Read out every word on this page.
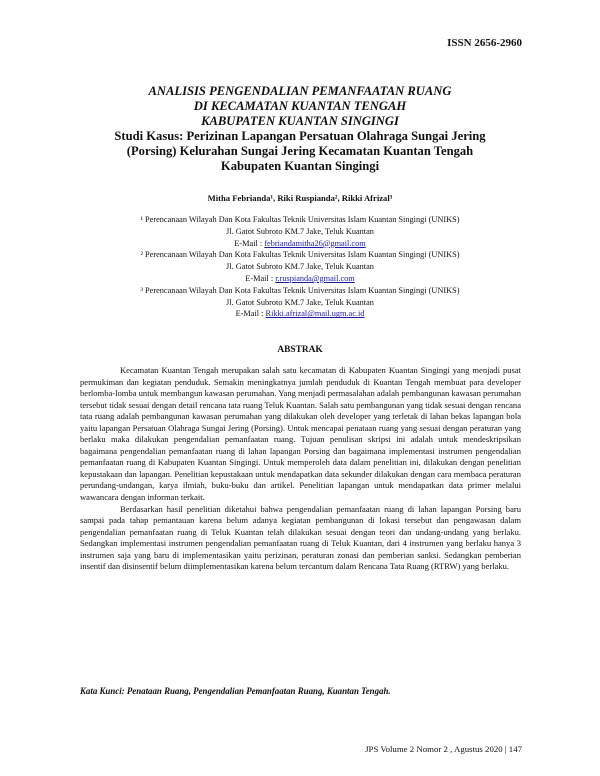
ISSN 2656-2960
ANALISIS PENGENDALIAN PEMANFAATAN RUANG
DI KECAMATAN KUANTAN TENGAH
KABUPATEN KUANTAN SINGINGI
Studi Kasus: Perizinan Lapangan Persatuan Olahraga Sungai Jering
(Porsing) Kelurahan Sungai Jering Kecamatan Kuantan Tengah
Kabupaten Kuantan Singingi
Mitha Febrianda¹, Riki Ruspianda², Rikki Afrizal³
¹ Perencanaan Wilayah Dan Kota Fakultas Teknik Universitas Islam Kuantan Singingi (UNIKS)
Jl. Gatot Subroto KM.7 Jake, Teluk Kuantan
E-Mail : febriandamitha26@gmail.com
² Perencanaan Wilayah Dan Kota Fakultas Teknik Universitas Islam Kuantan Singingi (UNIKS)
Jl. Gatot Subroto KM.7 Jake, Teluk Kuantan
E-Mail : r.ruspianda@gmail.com
³ Perencanaan Wilayah Dan Kota Fakultas Teknik Universitas Islam Kuantan Singingi (UNIKS)
Jl. Gatot Subroto KM.7 Jake, Teluk Kuantan
E-Mail : Rikki.afrizal@mail.ugm.ac.id
ABSTRAK

Kecamatan Kuantan Tengah merupakan salah satu kecamatan di Kabupaten Kuantan Singingi yang menjadi pusat permukiman dan kegiatan penduduk. Semakin meningkatnya jumlah penduduk di Kuantan Tengah membuat para developer berlomba-lomba untuk membangun kawasan perumahan. Yang menjadi permasalahan adalah pembangunan kawasan perumahan tersebut tidak sesuai dengan detail rencana tata ruang Teluk Kuantan. Salah satu pembangunan yang tidak sesuai dengan rencana tata ruang adalah pembangunan kawasan perumahan yang dilakukan oleh developer yang terletak di lahan bekas lapangan bola yaitu lapangan Persatuan Olahraga Sungai Jering (Porsing). Untuk mencapai penataan ruang yang sesuai dengan peraturan yang berlaku maka dilakukan pengendalian pemanfaatan ruang. Tujuan penulisan skripsi ini adalah untuk mendeskripsikan bagaimana pengendalian pemanfaatan ruang di lahan lapangan Porsing dan bagaimana implementasi instrumen pengendalian pemanfaatan ruang di Kabupaten Kuantan Singingi. Untuk memperoleh data dalam penelitian ini, dilakukan dengan penelitian kepustakaan dan lapangan. Penelitian kepustakaan untuk mendapatkan data sekunder dilakukan dengan cara membaca peraturan perundang-undangan, karya ilmiah, buku-buku dan artikel. Penelitian lapangan untuk mendapatkan data primer melalui wawancara dengan informan terkait.

Berdasarkan hasil penelitian diketahui bahwa pengendalian pemanfaatan ruang di lahan lapangan Porsing baru sampai pada tahap pemantauan karena belum adanya kegiatan pembangunan di lokasi tersebut dan pengawasan dalam pengendalian pemanfaatan ruang di Teluk Kuantan telah dilakukan sesuai dengan teori dan undang-undang yang berlaku. Sedangkan implementasi instrumen pengendalian pemanfaatan ruang di Teluk Kuantan, dari 4 instrumen yang berlaku hanya 3 instrumen saja yang baru di implementasikan yaitu perizinan, peraturan zonasi dan pemberian sanksi. Sedangkan pemberian insentif dan disinsentif belum diimplementasikan karena belum tercantum dalam Rencana Tata Ruang (RTRW) yang berlaku.

Kata Kunci: Penataan Ruang, Pengendalian Pemanfaatan Ruang, Kuantan Tengah.
JPS Volume 2 Nomor 2 , Agustus 2020 | 147
